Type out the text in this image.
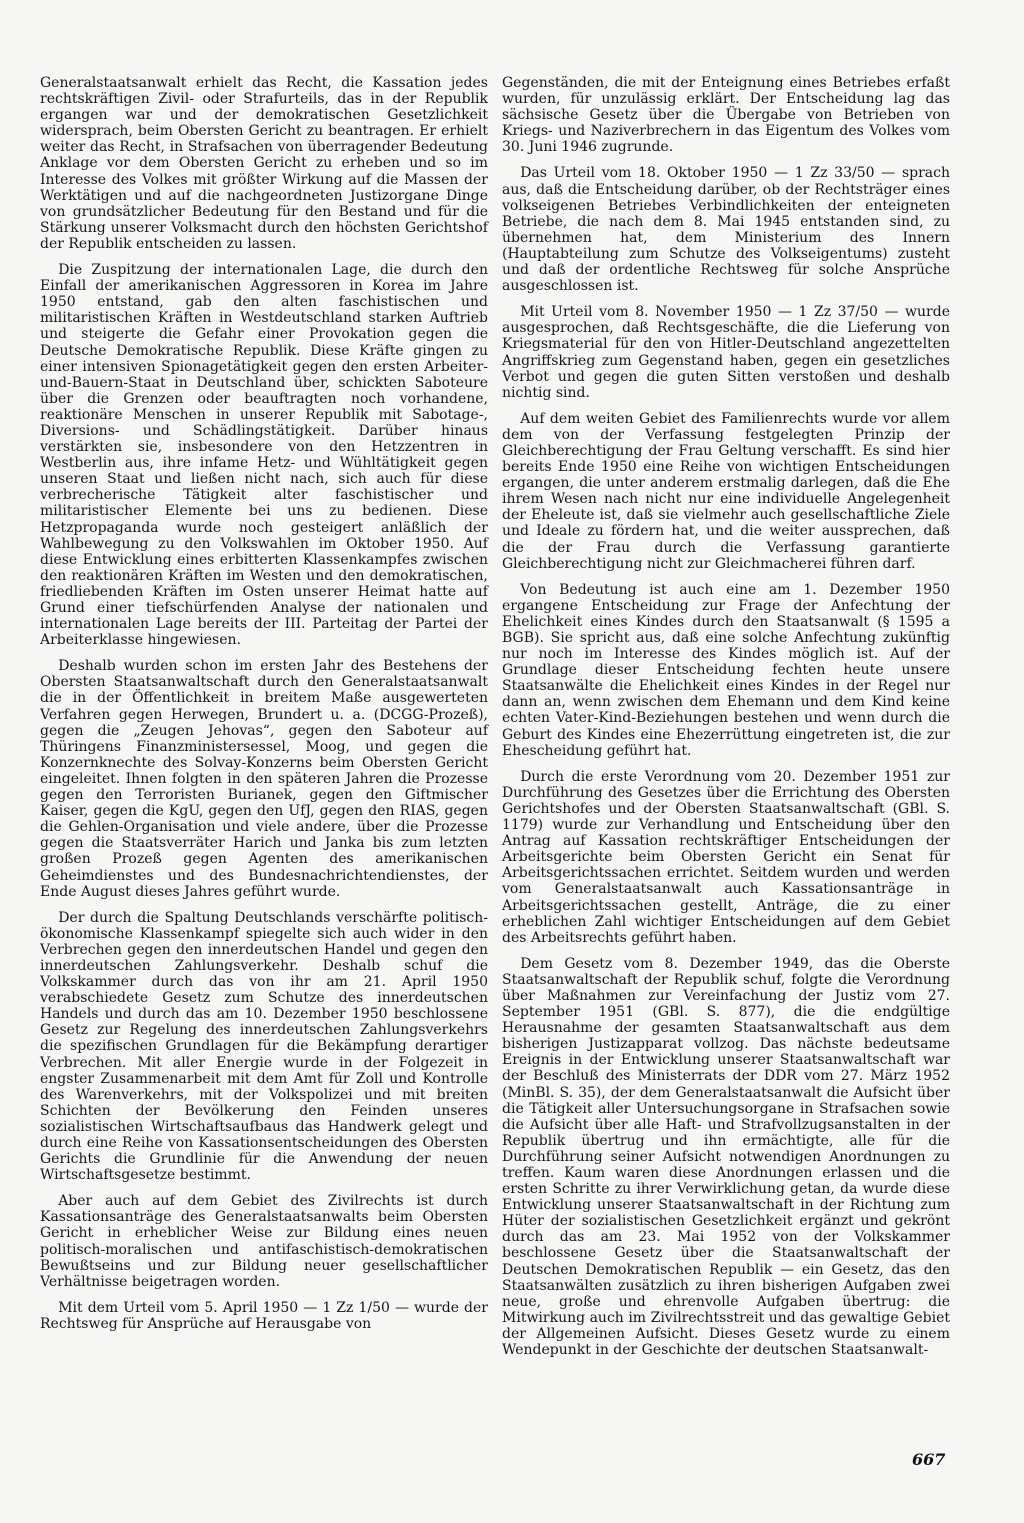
Generalstaatsanwalt erhielt das Recht, die Kassation jedes rechtskräftigen Zivil- oder Strafurteils, das in der Republik ergangen war und der demokratischen Gesetzlichkeit widersprach, beim Obersten Gericht zu beantragen. Er erhielt weiter das Recht, in Strafsachen von überragender Bedeutung Anklage vor dem Obersten Gericht zu erheben und so im Interesse des Volkes mit größter Wirkung auf die Massen der Werktätigen und auf die nachgeordneten Justizorgane Dinge von grundsätzlicher Bedeutung für den Bestand und für die Stärkung unserer Volksmacht durch den höchsten Gerichtshof der Republik entscheiden zu lassen.

Die Zuspitzung der internationalen Lage, die durch den Einfall der amerikanischen Aggressoren in Korea im Jahre 1950 entstand, gab den alten faschistischen und militaristischen Kräften in Westdeutschland starken Auftrieb und steigerte die Gefahr einer Provokation gegen die Deutsche Demokratische Republik. Diese Kräfte gingen zu einer intensiven Spionagetätigkeit gegen den ersten Arbeiter-und-Bauern-Staat in Deutschland über, schickten Saboteure über die Grenzen oder beauftragten noch vorhandene, reaktionäre Menschen in unserer Republik mit Sabotage-, Diversions- und Schädlingstätigkeit. Darüber hinaus verstärkten sie, insbesondere von den Hetzzentren in Westberlin aus, ihre infame Hetz- und Wühltätigkeit gegen unseren Staat und ließen nicht nach, sich auch für diese verbrecherische Tätigkeit alter faschistischer und militaristischer Elemente bei uns zu bedienen. Diese Hetzpropaganda wurde noch gesteigert anläßlich der Wahlbewegung zu den Volkswahlen im Oktober 1950. Auf diese Entwicklung eines erbitterten Klassenkampfes zwischen den reaktionären Kräften im Westen und den demokratischen, friedliebenden Kräften im Osten unserer Heimat hatte auf Grund einer tiefschürfenden Analyse der nationalen und internationalen Lage bereits der III. Parteitag der Partei der Arbeiterklasse hingewiesen.

Deshalb wurden schon im ersten Jahr des Bestehens der Obersten Staatsanwaltschaft durch den Generalstaatsanwalt die in der Öffentlichkeit in breitem Maße ausgewerteten Verfahren gegen Herwegen, Brundert u. a. (DCGG-Prozeß), gegen die „Zeugen Jehovas“, gegen den Saboteur auf Thüringens Finanzministersessel, Moog, und gegen die Konzernknechte des Solvay-Konzerns beim Obersten Gericht eingeleitet. Ihnen folgten in den späteren Jahren die Prozesse gegen den Terroristen Burianek, gegen den Giftmischer Kaiser, gegen die KgU, gegen den UfJ, gegen den RIAS, gegen die Gehlen-Organisation und viele andere, über die Prozesse gegen die Staatsverräter Harich und Janka bis zum letzten großen Prozeß gegen Agenten des amerikanischen Geheimdienstes und des Bundesnachrichtendienstes, der Ende August dieses Jahres geführt wurde.

Der durch die Spaltung Deutschlands verschärfte politisch-ökonomische Klassenkampf spiegelte sich auch wider in den Verbrechen gegen den innerdeutschen Handel und gegen den innerdeutschen Zahlungsverkehr. Deshalb schuf die Volkskammer durch das von ihr am 21. April 1950 verabschiedete Gesetz zum Schutze des innerdeutschen Handels und durch das am 10. Dezember 1950 beschlossene Gesetz zur Regelung des innerdeutschen Zahlungsverkehrs die spezifischen Grundlagen für die Bekämpfung derartiger Verbrechen. Mit aller Energie wurde in der Folgezeit in engster Zusammenarbeit mit dem Amt für Zoll und Kontrolle des Warenverkehrs, mit der Volkspolizei und mit breiten Schichten der Bevölkerung den Feinden unseres sozialistischen Wirtschaftsaufbaus das Handwerk gelegt und durch eine Reihe von Kassationsentscheidungen des Obersten Gerichts die Grundlinie für die Anwendung der neuen Wirtschaftsgesetze bestimmt.

Aber auch auf dem Gebiet des Zivilrechts ist durch Kassationsanträge des Generalstaatsanwalts beim Obersten Gericht in erheblicher Weise zur Bildung eines neuen politisch-moralischen und antifaschistisch-demokratischen Bewußtseins und zur Bildung neuer gesellschaftlicher Verhältnisse beigetragen worden.

Mit dem Urteil vom 5. April 1950 — 1 Zz 1/50 — wurde der Rechtsweg für Ansprüche auf Herausgabe von

Gegenständen, die mit der Enteignung eines Betriebes erfaßt wurden, für unzulässig erklärt. Der Entscheidung lag das sächsische Gesetz über die Übergabe von Betrieben von Kriegs- und Naziverbrechern in das Eigentum des Volkes vom 30. Juni 1946 zugrunde.

Das Urteil vom 18. Oktober 1950 — 1 Zz 33/50 — sprach aus, daß die Entscheidung darüber, ob der Rechtsträger eines volkseigenen Betriebes Verbindlichkeiten der enteigneten Betriebe, die nach dem 8. Mai 1945 entstanden sind, zu übernehmen hat, dem Ministerium des Innern (Hauptabteilung zum Schutze des Volkseigentums) zusteht und daß der ordentliche Rechtsweg für solche Ansprüche ausgeschlossen ist.

Mit Urteil vom 8. November 1950 — 1 Zz 37/50 — wurde ausgesprochen, daß Rechtsgeschäfte, die die Lieferung von Kriegsmaterial für den von Hitler-Deutschland angezettelten Angriffskrieg zum Gegenstand haben, gegen ein gesetzliches Verbot und gegen die guten Sitten verstoßen und deshalb nichtig sind.

Auf dem weiten Gebiet des Familienrechts wurde vor allem dem von der Verfassung festgelegten Prinzip der Gleichberechtigung der Frau Geltung verschafft. Es sind hier bereits Ende 1950 eine Reihe von wichtigen Entscheidungen ergangen, die unter anderem erstmalig darlegen, daß die Ehe ihrem Wesen nach nicht nur eine individuelle Angelegenheit der Eheleute ist, daß sie vielmehr auch gesellschaftliche Ziele und Ideale zu fördern hat, und die weiter aussprechen, daß die der Frau durch die Verfassung garantierte Gleichberechtigung nicht zur Gleichmacherei führen darf.

Von Bedeutung ist auch eine am 1. Dezember 1950 ergangene Entscheidung zur Frage der Anfechtung der Ehelichkeit eines Kindes durch den Staatsanwalt (§ 1595 a BGB). Sie spricht aus, daß eine solche Anfechtung zukünftig nur noch im Interesse des Kindes möglich ist. Auf der Grundlage dieser Entscheidung fechten heute unsere Staatsanwälte die Ehelichkeit eines Kindes in der Regel nur dann an, wenn zwischen dem Ehemann und dem Kind keine echten Vater-Kind-Beziehungen bestehen und wenn durch die Geburt des Kindes eine Ehezerrüttung eingetreten ist, die zur Ehescheidung geführt hat.

Durch die erste Verordnung vom 20. Dezember 1951 zur Durchführung des Gesetzes über die Errichtung des Obersten Gerichtshofes und der Obersten Staatsanwaltschaft (GBl. S. 1179) wurde zur Verhandlung und Entscheidung über den Antrag auf Kassation rechtskräftiger Entscheidungen der Arbeitsgerichte beim Obersten Gericht ein Senat für Arbeitsgerichtssachen errichtet. Seitdem wurden und werden vom Generalstaatsanwalt auch Kassationsanträge in Arbeitsgerichtssachen gestellt, Anträge, die zu einer erheblichen Zahl wichtiger Entscheidungen auf dem Gebiet des Arbeitsrechts geführt haben.

Dem Gesetz vom 8. Dezember 1949, das die Oberste Staatsanwaltschaft der Republik schuf, folgte die Verordnung über Maßnahmen zur Vereinfachung der Justiz vom 27. September 1951 (GBl. S. 877), die die endgültige Herausnahme der gesamten Staatsanwaltschaft aus dem bisherigen Justizapparat vollzog. Das nächste bedeutsame Ereignis in der Entwicklung unserer Staatsanwaltschaft war der Beschluß des Ministerrats der DDR vom 27. März 1952 (MinBl. S. 35), der dem Generalstaatsanwalt die Aufsicht über die Tätigkeit aller Untersuchungsorgane in Strafsachen sowie die Aufsicht über alle Haft- und Strafvollzugsanstalten in der Republik übertrug und ihn ermächtigte, alle für die Durchführung seiner Aufsicht notwendigen Anordnungen zu treffen. Kaum waren diese Anordnungen erlassen und die ersten Schritte zu ihrer Verwirklichung getan, da wurde diese Entwicklung unserer Staatsanwaltschaft in der Richtung zum Hüter der sozialistischen Gesetzlichkeit ergänzt und gekrönt durch das am 23. Mai 1952 von der Volkskammer beschlossene Gesetz über die Staatsanwaltschaft der Deutschen Demokratischen Republik — ein Gesetz, das den Staatsanwälten zusätzlich zu ihren bisherigen Aufgaben zwei neue, große und ehrenvolle Aufgaben übertrug: die Mitwirkung auch im Zivilrechtsstreit und das gewaltige Gebiet der Allgemeinen Aufsicht. Dieses Gesetz wurde zu einem Wendepunkt in der Geschichte der deutschen Staatsanwalt-

667
